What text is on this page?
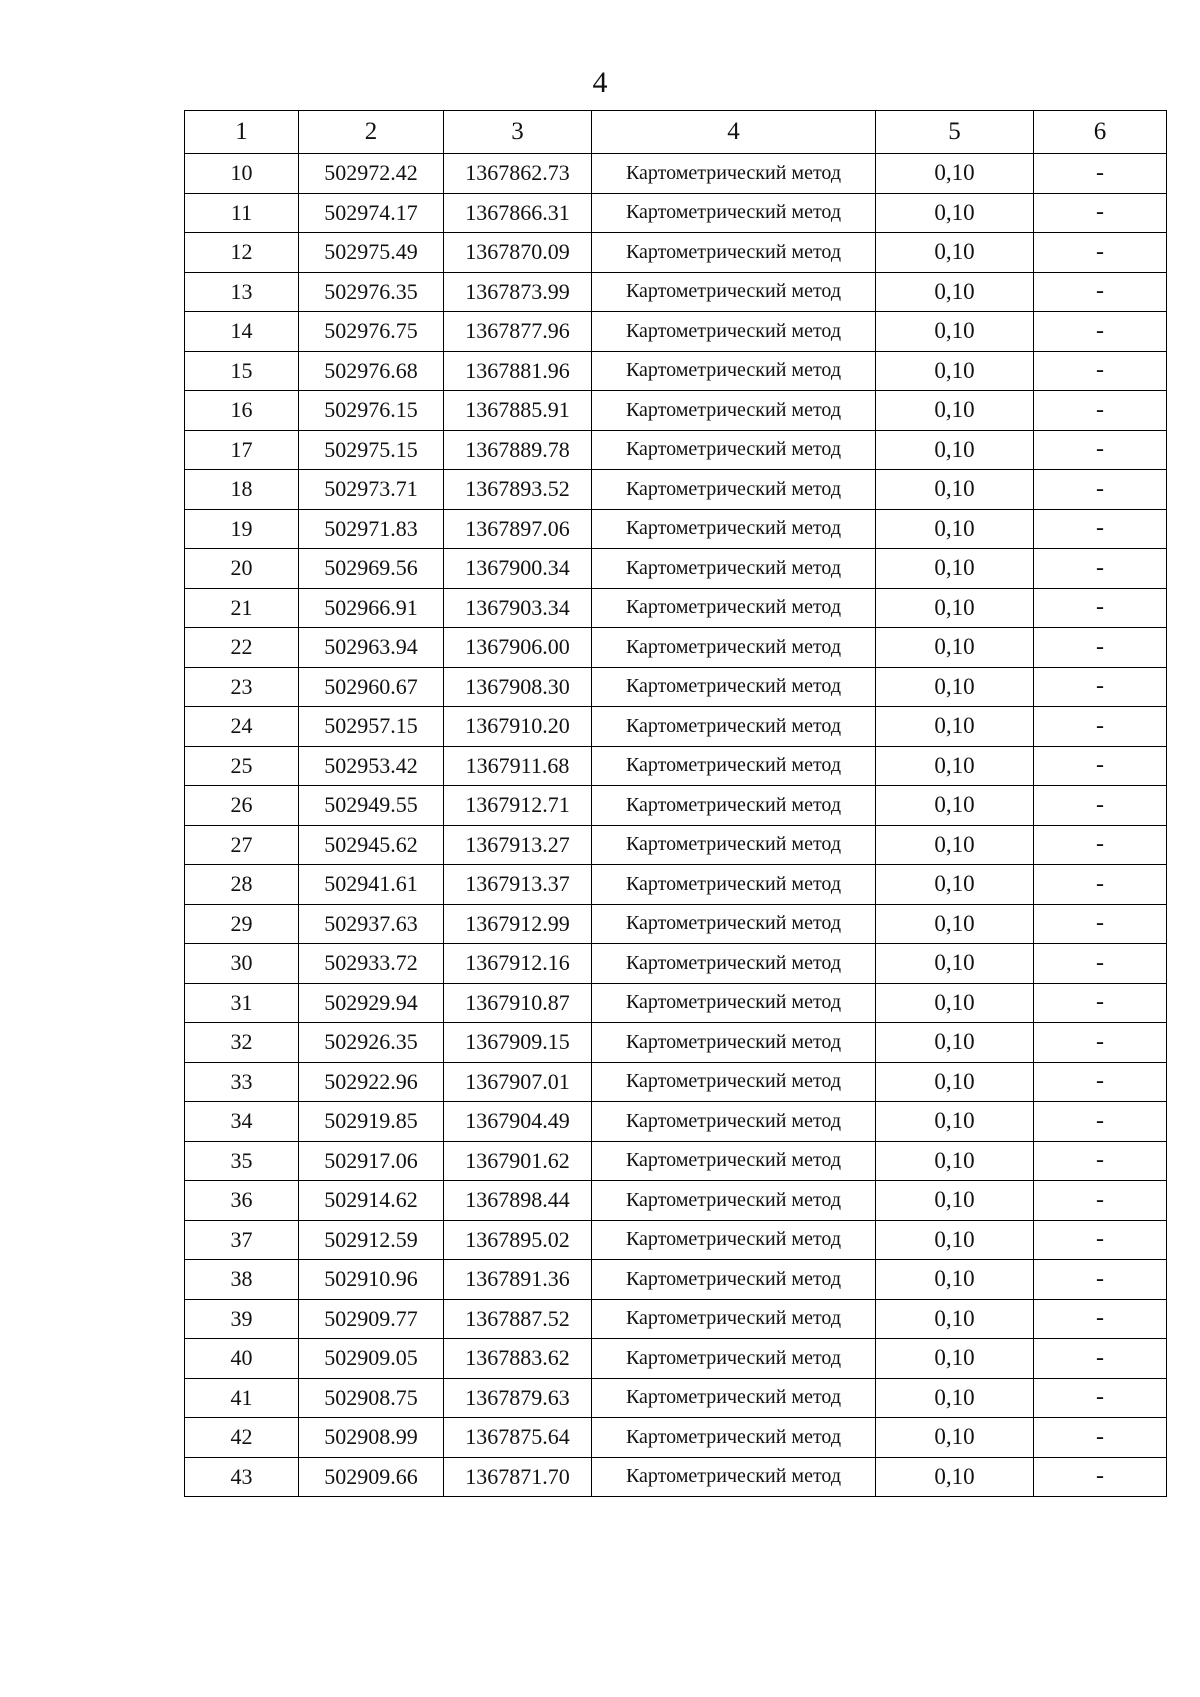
4
1	2	3	4	5	6
10	502972.42	1367862.73	Картометрический метод	0,10	-
11	502974.17	1367866.31	Картометрический метод	0,10	-
12	502975.49	1367870.09	Картометрический метод	0,10	-
13	502976.35	1367873.99	Картометрический метод	0,10	-
14	502976.75	1367877.96	Картометрический метод	0,10	-
15	502976.68	1367881.96	Картометрический метод	0,10	-
16	502976.15	1367885.91	Картометрический метод	0,10	-
17	502975.15	1367889.78	Картометрический метод	0,10	-
18	502973.71	1367893.52	Картометрический метод	0,10	-
19	502971.83	1367897.06	Картометрический метод	0,10	-
20	502969.56	1367900.34	Картометрический метод	0,10	-
21	502966.91	1367903.34	Картометрический метод	0,10	-
22	502963.94	1367906.00	Картометрический метод	0,10	-
23	502960.67	1367908.30	Картометрический метод	0,10	-
24	502957.15	1367910.20	Картометрический метод	0,10	-
25	502953.42	1367911.68	Картометрический метод	0,10	-
26	502949.55	1367912.71	Картометрический метод	0,10	-
27	502945.62	1367913.27	Картометрический метод	0,10	-
28	502941.61	1367913.37	Картометрический метод	0,10	-
29	502937.63	1367912.99	Картометрический метод	0,10	-
30	502933.72	1367912.16	Картометрический метод	0,10	-
31	502929.94	1367910.87	Картометрический метод	0,10	-
32	502926.35	1367909.15	Картометрический метод	0,10	-
33	502922.96	1367907.01	Картометрический метод	0,10	-
34	502919.85	1367904.49	Картометрический метод	0,10	-
35	502917.06	1367901.62	Картометрический метод	0,10	-
36	502914.62	1367898.44	Картометрический метод	0,10	-
37	502912.59	1367895.02	Картометрический метод	0,10	-
38	502910.96	1367891.36	Картометрический метод	0,10	-
39	502909.77	1367887.52	Картометрический метод	0,10	-
40	502909.05	1367883.62	Картометрический метод	0,10	-
41	502908.75	1367879.63	Картометрический метод	0,10	-
42	502908.99	1367875.64	Картометрический метод	0,10	-
43	502909.66	1367871.70	Картометрический метод	0,10	-
